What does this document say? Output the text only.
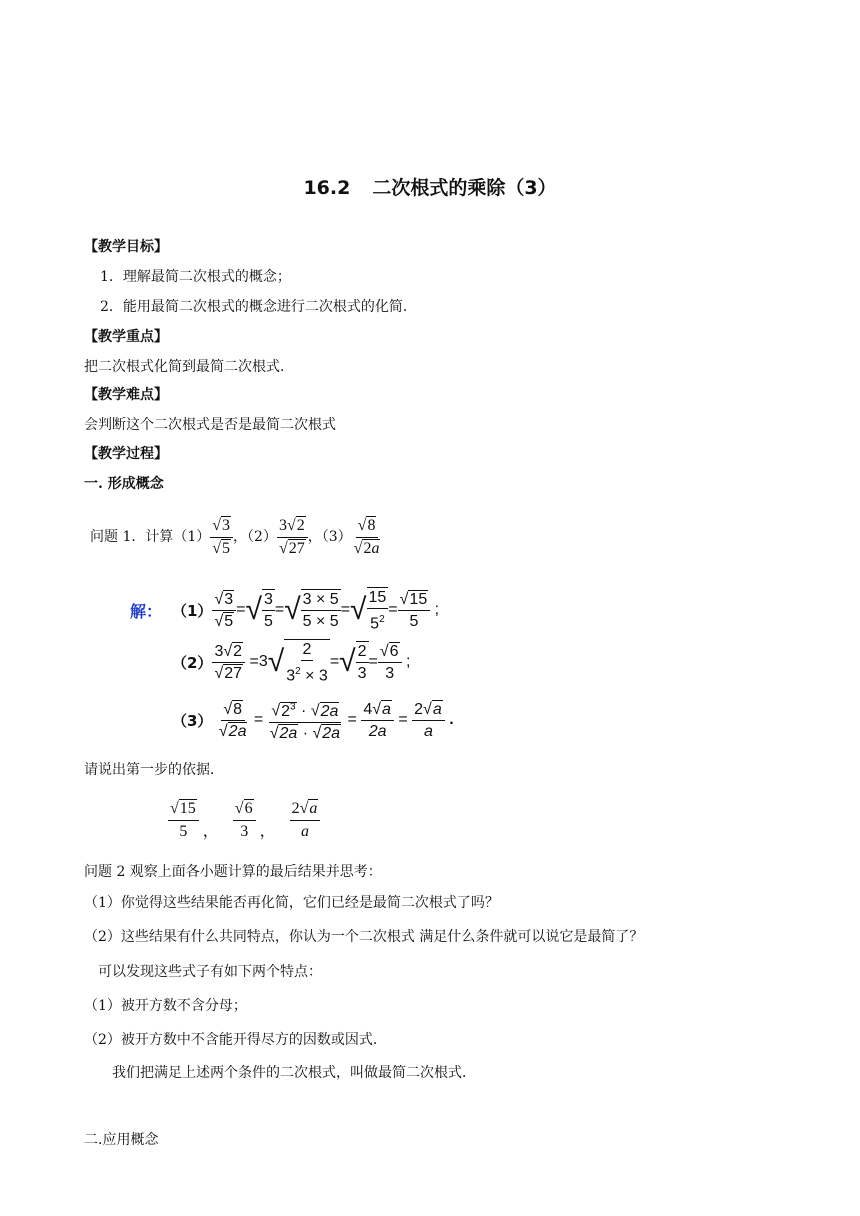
16.2 二次根式的乘除（3）
【教学目标】
1．理解最简二次根式的概念；
2．能用最简二次根式的概念进行二次根式的化简．
【教学重点】
把二次根式化简到最简二次根式．
【教学难点】
会判断这个二次根式是否是最简二次根式
【教学过程】
一. 形成概念
问题 1．计算$(1) \frac{√3}{√5}$ ，$(2) \frac{3√2}{√27}$ ，$(3) \frac{√8}{√2a}$
解： $(1) \frac{√3}{√5}$ = √ $\frac{3}{5}$ = √ $\frac{3 \times 5}{5 \times 5}$ = √ $\frac{15}{5^2} = \frac{√15}{5}$ ;
$(2) \frac{3√2}{√27} = 3$ √ $\frac{2}{3^2 \times 3}$ = √ $\frac{2}{3} = \frac{√6}{3}$ ;
（3）
$\frac{√8}{√2a} = \frac{√2^3 \cdot √2a}{√2a \cdot √2a} = \frac{4√a}{2a} = \frac{2√a}{a}$
.
请说出第一步的依据．
$\frac{√15}{5}$ ， $\frac{√6}{3}$ ， $\frac{2√a}{a}$
问题 2 观察上面各小题计算的最后结果并思考：
（1）你觉得这些结果能否再化简，它们已经是最简二次根式了吗？
（2）这些结果有什么共同特点，你认为一个二次根式 满足什么条件就可以说它是最简了？
可以发现这些式子有如下两个特点：
（1）被开方数不含分母；
（2）被开方数中不含能开得尽方的因数或因式．
我们把满足上述两个条件的二次根式，叫做最简二次根式．
二.应用概念
